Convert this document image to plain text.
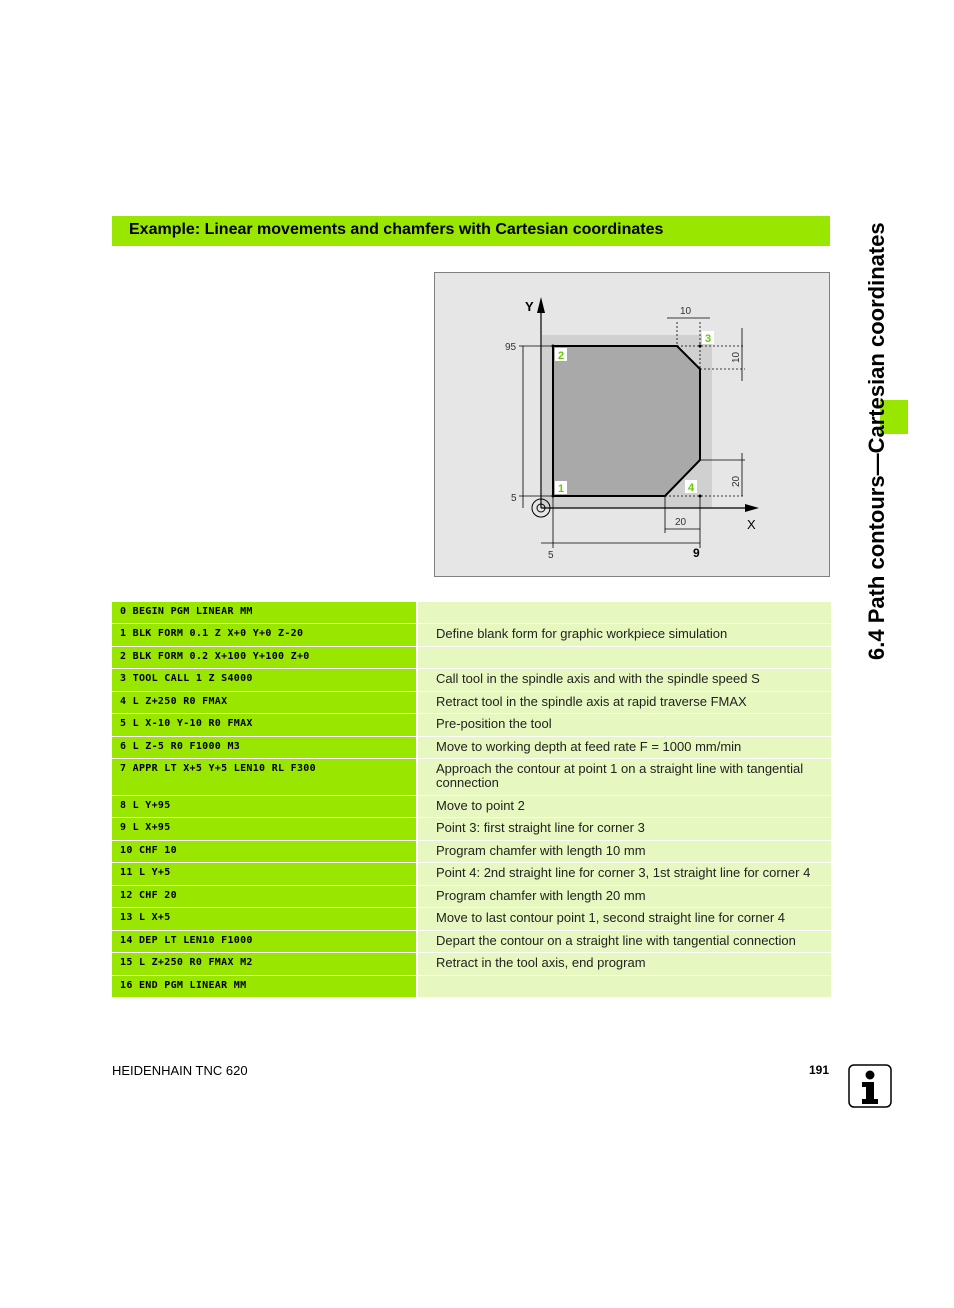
Example: Linear movements and chamfers with Cartesian coordinates	6.4 Path contours—Cartesian coordinates
Y
X
10
95
5
5
20
9
10
20
1
2
3
4
0 BEGIN PGM LINEAR MM
1 BLK FORM 0.1 Z X+0 Y+0 Z-20	Define blank form for graphic workpiece simulation
2 BLK FORM 0.2 X+100 Y+100 Z+0
3 TOOL CALL 1 Z S4000	Call tool in the spindle axis and with the spindle speed S
4 L Z+250 R0 FMAX	Retract tool in the spindle axis at rapid traverse FMAX
5 L X-10 Y-10 R0 FMAX	Pre-position the tool
6 L Z-5 R0 F1000 M3	Move to working depth at feed rate F = 1000 mm/min
7 APPR LT X+5 Y+5 LEN10 RL F300	Approach the contour at point 1 on a straight line with tangential connection
8 L Y+95	Move to point 2
9 L X+95	Point 3: first straight line for corner 3
10 CHF 10	Program chamfer with length 10 mm
11 L Y+5	Point 4: 2nd straight line for corner 3, 1st straight line for corner 4
12 CHF 20	Program chamfer with length 20 mm
13 L X+5	Move to last contour point 1, second straight line for corner 4
14 DEP LT LEN10 F1000	Depart the contour on a straight line with tangential connection
15 L Z+250 R0 FMAX M2	Retract in the tool axis, end program
16 END PGM LINEAR MM
HEIDENHAIN TNC 620	191
